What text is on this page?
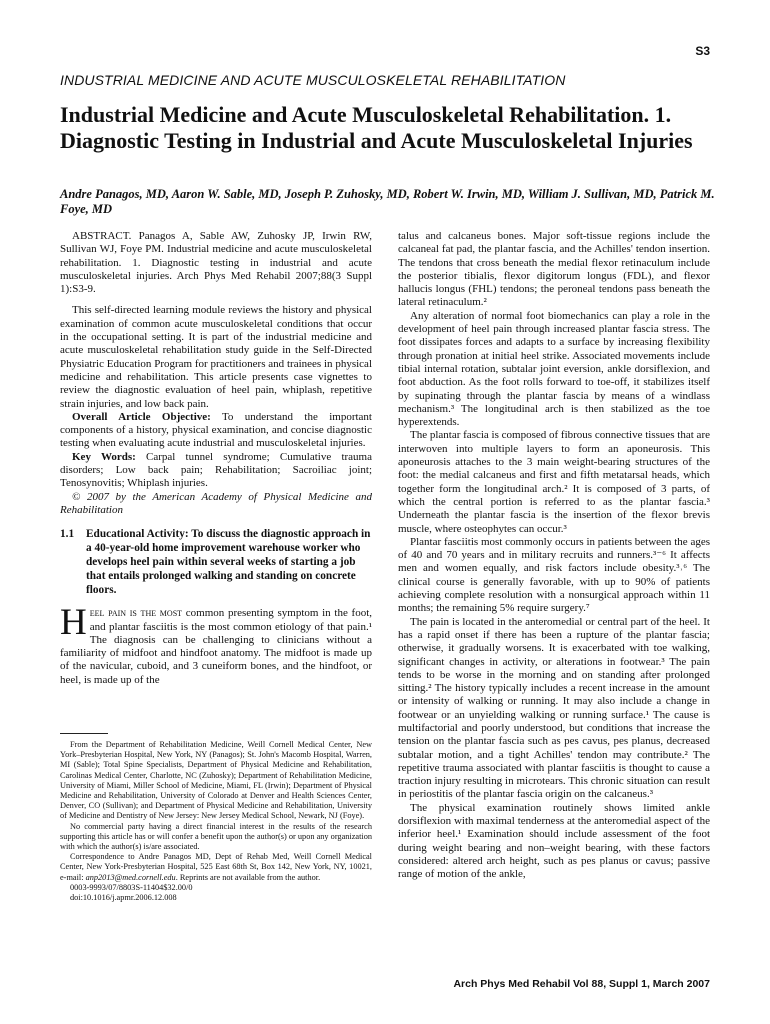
S3
INDUSTRIAL MEDICINE AND ACUTE MUSCULOSKELETAL REHABILITATION
Industrial Medicine and Acute Musculoskeletal Rehabilitation. 1. Diagnostic Testing in Industrial and Acute Musculoskeletal Injuries
Andre Panagos, MD, Aaron W. Sable, MD, Joseph P. Zuhosky, MD, Robert W. Irwin, MD, William J. Sullivan, MD, Patrick M. Foye, MD

ABSTRACT. Panagos A, Sable AW, Zuhosky JP, Irwin RW, Sullivan WJ, Foye PM. Industrial medicine and acute musculoskeletal rehabilitation. 1. Diagnostic testing in industrial and acute musculoskeletal injuries. Arch Phys Med Rehabil 2007;88(3 Suppl 1):S3-9.

This self-directed learning module reviews the history and physical examination of common acute musculoskeletal conditions that occur in the occupational setting. It is part of the industrial medicine and acute musculoskeletal rehabilitation study guide in the Self-Directed Physiatric Education Program for practitioners and trainees in physical medicine and rehabilitation. This article presents case vignettes to review the diagnostic evaluation of heel pain, whiplash, repetitive strain injuries, and low back pain.

Overall Article Objective: To understand the important components of a history, physical examination, and concise diagnostic testing when evaluating acute industrial and musculoskeletal injuries.

Key Words: Carpal tunnel syndrome; Cumulative trauma disorders; Low back pain; Rehabilitation; Sacroiliac joint; Tenosynovitis; Whiplash injuries.

© 2007 by the American Academy of Physical Medicine and Rehabilitation

1.1	Educational Activity: To discuss the diagnostic approach in a 40-year-old home improvement warehouse worker who develops heel pain within several weeks of starting a job that entails prolonged walking and standing on concrete floors.

Heel pain is the most common presenting symptom in the foot, and plantar fasciitis is the most common etiology of that pain.¹ The diagnosis can be challenging to clinicians without a familiarity of midfoot and hindfoot anatomy. The midfoot is made up of the navicular, cuboid, and 3 cuneiform bones, and the hindfoot, or heel, is made up of the

talus and calcaneus bones. Major soft-tissue regions include the calcaneal fat pad, the plantar fascia, and the Achilles' tendon insertion. The tendons that cross beneath the medial flexor retinaculum include the posterior tibialis, flexor digitorum longus (FDL), and flexor hallucis longus (FHL) tendons; the peroneal tendons pass beneath the lateral retinaculum.²

Any alteration of normal foot biomechanics can play a role in the development of heel pain through increased plantar fascia stress. The foot dissipates forces and adapts to a surface by increasing flexibility through pronation at initial heel strike. Associated movements include tibial internal rotation, subtalar joint eversion, ankle dorsiflexion, and foot abduction. As the foot rolls forward to toe-off, it stabilizes itself by supinating through the plantar fascia by means of a windlass mechanism.³ The longitudinal arch is then stabilized as the toe hyperextends.

The plantar fascia is composed of fibrous connective tissues that are interwoven into multiple layers to form an aponeurosis. This aponeurosis attaches to the 3 main weight-bearing structures of the foot: the medial calcaneus and first and fifth metatarsal heads, which together form the longitudinal arch.² It is composed of 3 parts, of which the central portion is referred to as the plantar fascia.³ Underneath the plantar fascia is the insertion of the flexor brevis muscle, where osteophytes can occur.³

Plantar fasciitis most commonly occurs in patients between the ages of 40 and 70 years and in military recruits and runners.³⁻⁶ It affects men and women equally, and risk factors include obesity.³˒⁶ The clinical course is generally favorable, with up to 90% of patients achieving complete resolution with a nonsurgical approach within 11 months; the remaining 5% require surgery.⁷

The pain is located in the anteromedial or central part of the heel. It has a rapid onset if there has been a rupture of the plantar fascia; otherwise, it gradually worsens. It is exacerbated with toe walking, significant changes in activity, or alterations in footwear.³ The pain tends to be worse in the morning and on standing after prolonged sitting.² The history typically includes a recent increase in the amount or intensity of walking or running. It may also include a change in footwear or an unyielding walking or running surface.¹ The cause is multifactorial and poorly understood, but conditions that increase the tension on the plantar fascia such as pes cavus, pes planus, decreased subtalar motion, and a tight Achilles' tendon may contribute.² The repetitive trauma associated with plantar fasciitis is thought to cause a traction injury resulting in microtears. This chronic situation can result in periostitis of the plantar fascia origin on the calcaneus.³

The physical examination routinely shows limited ankle dorsiflexion with maximal tenderness at the anteromedial aspect of the inferior heel.¹ Examination should include assessment of the foot during weight bearing and non–weight bearing, with these factors considered: altered arch height, such as pes planus or cavus; passive range of motion of the ankle,

From the Department of Rehabilitation Medicine, Weill Cornell Medical Center, New York–Presbyterian Hospital, New York, NY (Panagos); St. John's Macomb Hospital, Warren, MI (Sable); Total Spine Specialists, Department of Physical Medicine and Rehabilitation, Carolinas Medical Center, Charlotte, NC (Zuhosky); Department of Rehabilitation Medicine, University of Miami, Miller School of Medicine, Miami, FL (Irwin); Department of Physical Medicine and Rehabilitation, University of Colorado at Denver and Health Sciences Center, Denver, CO (Sullivan); and Department of Physical Medicine and Rehabilitation, University of Medicine and Dentistry of New Jersey: New Jersey Medical School, Newark, NJ (Foye).

No commercial party having a direct financial interest in the results of the research supporting this article has or will confer a benefit upon the author(s) or upon any organization with which the author(s) is/are associated.

Correspondence to Andre Panagos MD, Dept of Rehab Med, Weill Cornell Medical Center, New York-Presbyterian Hospital, 525 East 68th St, Box 142, New York, NY, 10021, e-mail: anp2013@med.cornell.edu. Reprints are not available from the author.

0003-9993/07/8803S-11404$32.00/0

doi:10.1016/j.apmr.2006.12.008

Arch Phys Med Rehabil Vol 88, Suppl 1, March 2007
